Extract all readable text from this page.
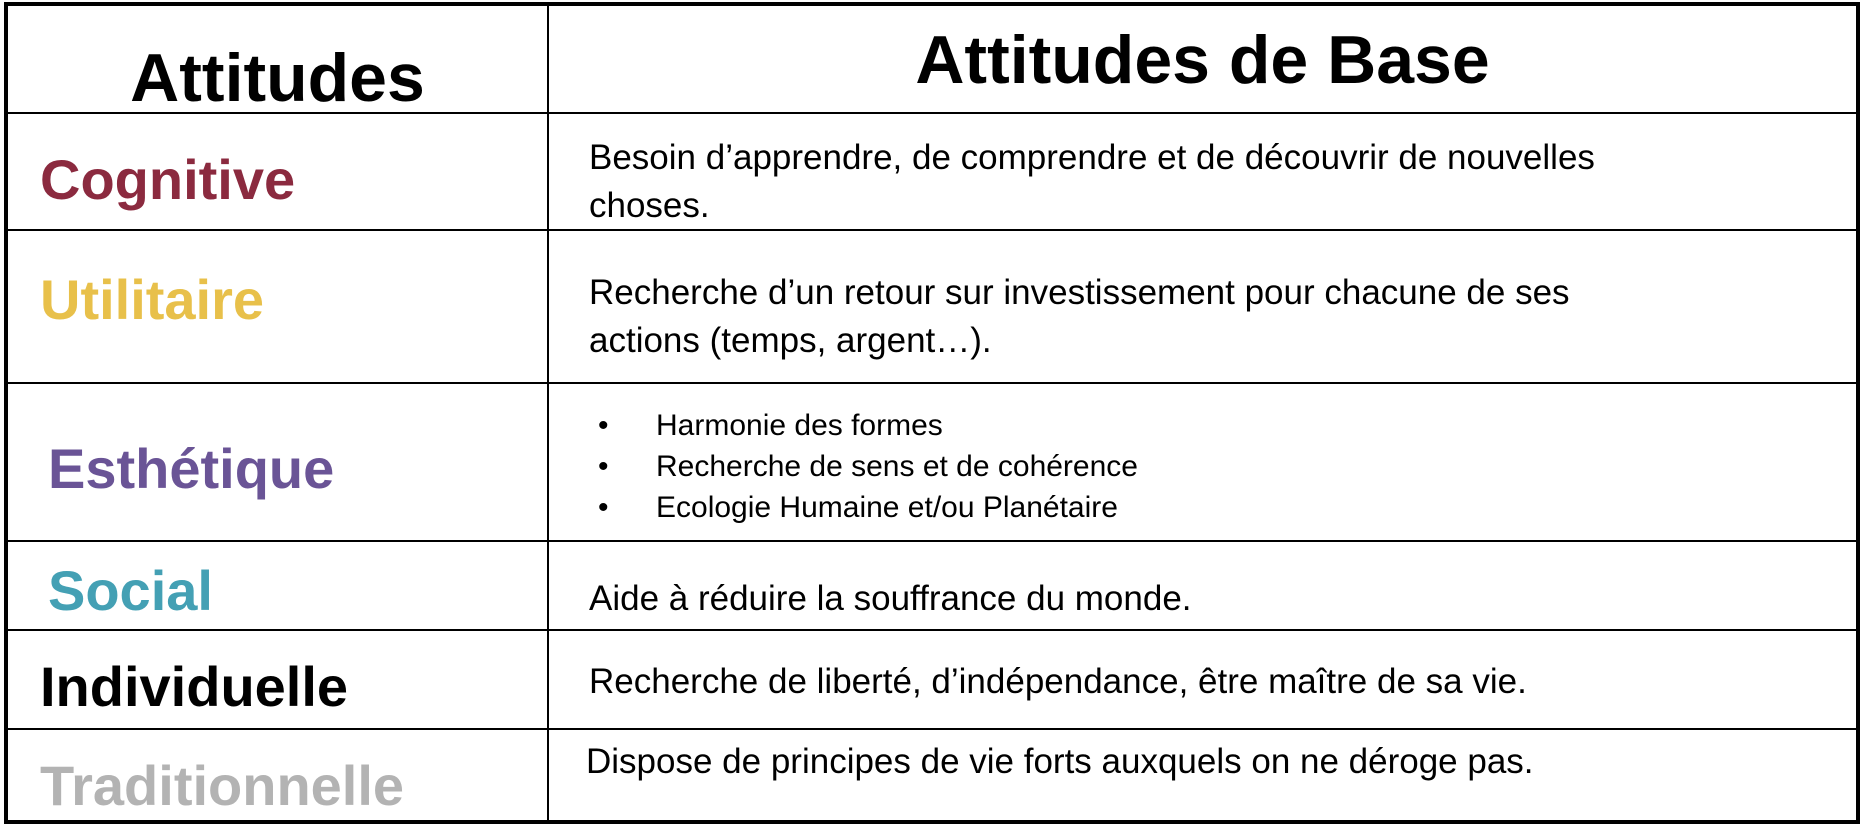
Attitudes	Attitudes de Base
Cognitive
Utilitaire
Esthétique
Social
Individuelle
Traditionnelle
Besoin d’apprendre, de comprendre et de découvrir de nouvelles
choses.
Recherche d’un retour sur investissement pour chacune de ses
actions (temps, argent…).
• Harmonie des formes
• Recherche de sens et de cohérence
• Ecologie Humaine et/ou Planétaire
Aide à réduire la souffrance du monde.
Recherche de liberté, d’indépendance, être maître de sa vie.
Dispose de principes de vie forts auxquels on ne déroge pas.
